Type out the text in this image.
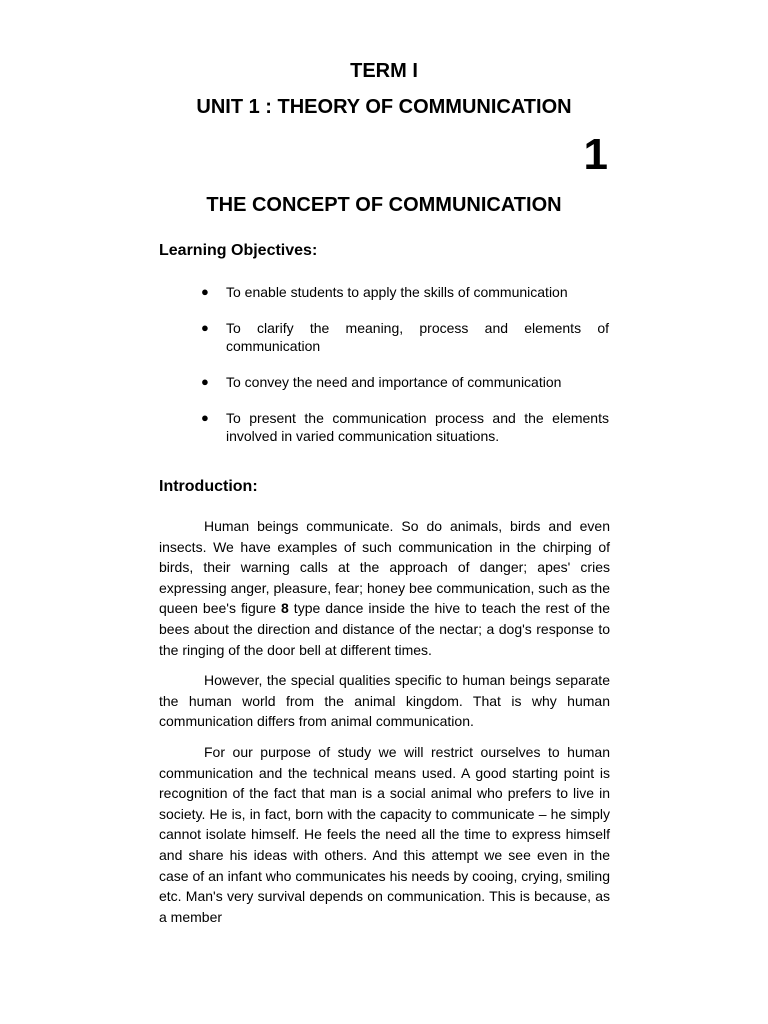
TERM I
UNIT 1 : THEORY OF COMMUNICATION
1
THE CONCEPT OF COMMUNICATION
Learning Objectives:
● To enable students to apply the skills of communication
● To clarify the meaning, process and elements of communication
● To convey the need and importance of communication
● To present the communication process and the elements involved in varied communication situations.
Introduction:

Human beings communicate. So do animals, birds and even insects. We have examples of such communication in the chirping of birds, their warning calls at the approach of danger; apes' cries expressing anger, pleasure, fear; honey bee communication, such as the queen bee's figure 8 type dance inside the hive to teach the rest of the bees about the direction and distance of the nectar; a dog's response to the ringing of the door bell at different times.

However, the special qualities specific to human beings separate the human world from the animal kingdom. That is why human communication differs from animal communication.

For our purpose of study we will restrict ourselves to human communication and the technical means used. A good starting point is recognition of the fact that man is a social animal who prefers to live in society. He is, in fact, born with the capacity to communicate – he simply cannot isolate himself. He feels the need all the time to express himself and share his ideas with others. And this attempt we see even in the case of an infant who communicates his needs by cooing, crying, smiling etc. Man's very survival depends on communication. This is because, as a member
